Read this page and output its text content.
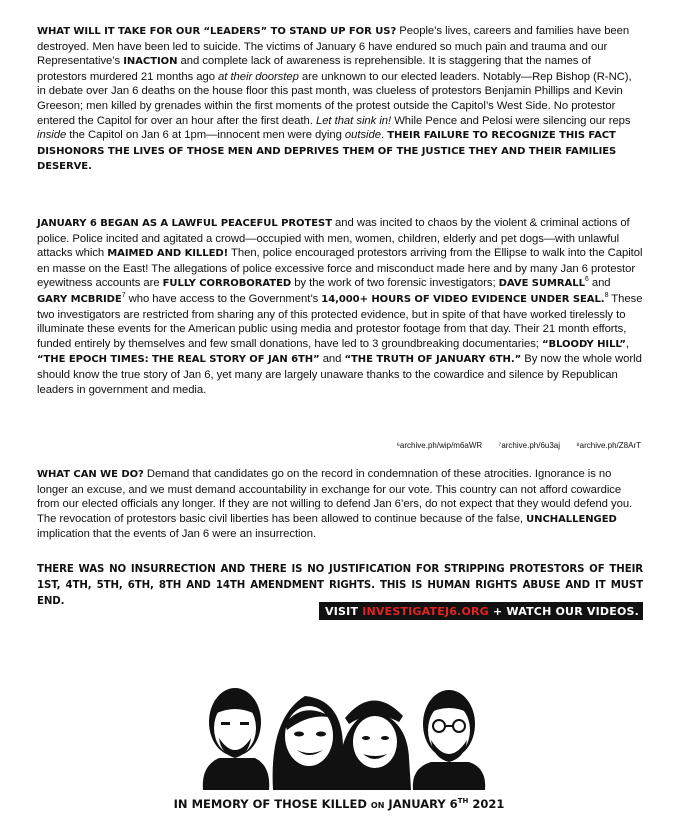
WHAT WILL IT TAKE FOR OUR “LEADERS” TO STAND UP FOR US? People’s lives, careers and families have been destroyed. Men have been led to suicide. The victims of January 6 have endured so much pain and trauma and our Representative’s INACTION and complete lack of awareness is reprehensible. It is staggering that the names of protestors murdered 21 months ago at their doorstep are unknown to our elected leaders. Notably—Rep Bishop (R-NC), in debate over Jan 6 deaths on the house floor this past month, was clueless of protestors Benjamin Phillips and Kevin Greeson; men killed by grenades within the first moments of the protest outside the Capitol’s West Side. No protestor entered the Capitol for over an hour after the first death. Let that sink in! While Pence and Pelosi were silencing our reps inside the Capitol on Jan 6 at 1pm—innocent men were dying outside. THEIR FAILURE TO RECOGNIZE THIS FACT DISHONORS THE LIVES OF THOSE MEN AND DEPRIVES THEM OF THE JUSTICE THEY AND THEIR FAMILIES DESERVE.

JANUARY 6 BEGAN AS A LAWFUL PEACEFUL PROTEST and was incited to chaos by the violent & criminal actions of police. Police incited and agitated a crowd—occupied with men, women, children, elderly and pet dogs—with unlawful attacks which MAIMED AND KILLED! Then, police encouraged protestors arriving from the Ellipse to walk into the Capitol en masse on the East! The allegations of police excessive force and misconduct made here and by many Jan 6 protestor eyewitness accounts are FULLY CORROBORATED by the work of two forensic investigators; DAVE SUMRALL$^6$ and GARY MCBRIDE$^7$ who have access to the Government’s 14,000+ HOURS OF VIDEO EVIDENCE UNDER SEAL.$^8$ These two investigators are restricted from sharing any of this protected evidence, but in spite of that have worked tirelessly to illuminate these events for the American public using media and protestor footage from that day. Their 21 month efforts, funded entirely by themselves and few small donations, have led to 3 groundbreaking documentaries; “BLOODY HILL”, “THE EPOCH TIMES: THE REAL STORY OF JAN 6TH” and “THE TRUTH OF JANUARY 6TH.” By now the whole world should know the true story of Jan 6, yet many are largely unaware thanks to the cowardice and silence by Republican leaders in government and media.

⁶archive.ph/wip/m6aWR ⁷archive.ph/6u3aj ⁸archive.ph/Z8ArT

WHAT CAN WE DO? Demand that candidates go on the record in condemnation of these atrocities. Ignorance is no longer an excuse, and we must demand accountability in exchange for our vote. This country can not afford cowardice from our elected officials any longer. If they are not willing to defend Jan 6’ers, do not expect that they would defend you. The revocation of protestors basic civil liberties has been allowed to continue because of the false, UNCHALLENGED implication that the events of Jan 6 were an insurrection.

THERE WAS NO INSURRECTION AND THERE IS NO JUSTIFICATION FOR STRIPPING PROTESTORS OF THEIR 1ST, 4TH, 5TH, 6TH, 8TH AND 14TH AMENDMENT RIGHTS. THIS IS HUMAN RIGHTS ABUSE AND IT MUST END.
VISIT INVESTIGATEJ6.ORG + WATCH OUR VIDEOS.
IN MEMORY OF THOSE KILLED ON JANUARY 6TH 2021
